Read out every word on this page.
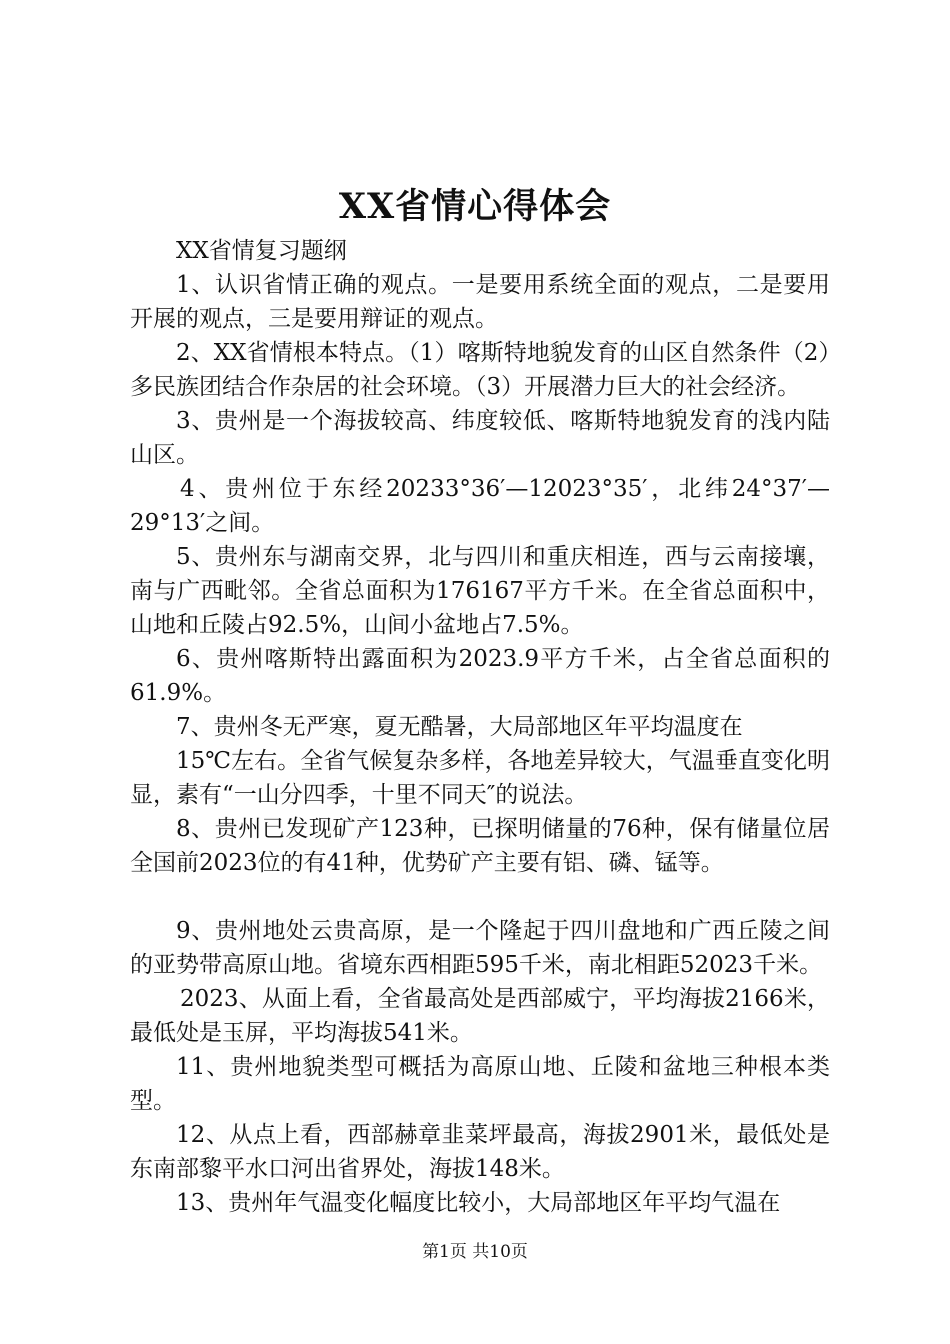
XX省情心得体会
XX省情复习题纲
1、认识省情正确的观点。一是要用系统全面的观点，二是要用开展的观点，三是要用辩证的观点。
2、XX省情根本特点。（1）喀斯特地貌发育的山区自然条件（2）多民族团结合作杂居的社会环境。（3）开展潜力巨大的社会经济。
3、贵州是一个海拔较高、纬度较低、喀斯特地貌发育的浅内陆山区。
4、贵州位于东经20233°36′—12023°35′，北纬24°37′—29°13′之间。
5、贵州东与湖南交界，北与四川和重庆相连，西与云南接壤，南与广西毗邻。全省总面积为176167平方千米。在全省总面积中，山地和丘陵占92.5%，山间小盆地占7.5%。
6、贵州喀斯特出露面积为2023.9平方千米，占全省总面积的61.9%。
7、贵州冬无严寒，夏无酷暑，大局部地区年平均温度在
15℃左右。全省气候复杂多样，各地差异较大，气温垂直变化明显，素有“一山分四季，十里不同天″的说法。
8、贵州已发现矿产123种，已探明储量的76种，保有储量位居全国前2023位的有41种，优势矿产主要有铝、磷、锰等。
9、贵州地处云贵高原，是一个隆起于四川盘地和广西丘陵之间的亚势带高原山地。省境东西相距595千米，南北相距52023千米。
2023、从面上看，全省最高处是西部威宁，平均海拔2166米，最低处是玉屏，平均海拔541米。
11、贵州地貌类型可概括为高原山地、丘陵和盆地三种根本类型。
12、从点上看，西部赫章韭菜坪最高，海拔2901米，最低处是东南部黎平水口河出省界处，海拔148米。
13、贵州年气温变化幅度比较小，大局部地区年平均气温在
第1页 共10页
